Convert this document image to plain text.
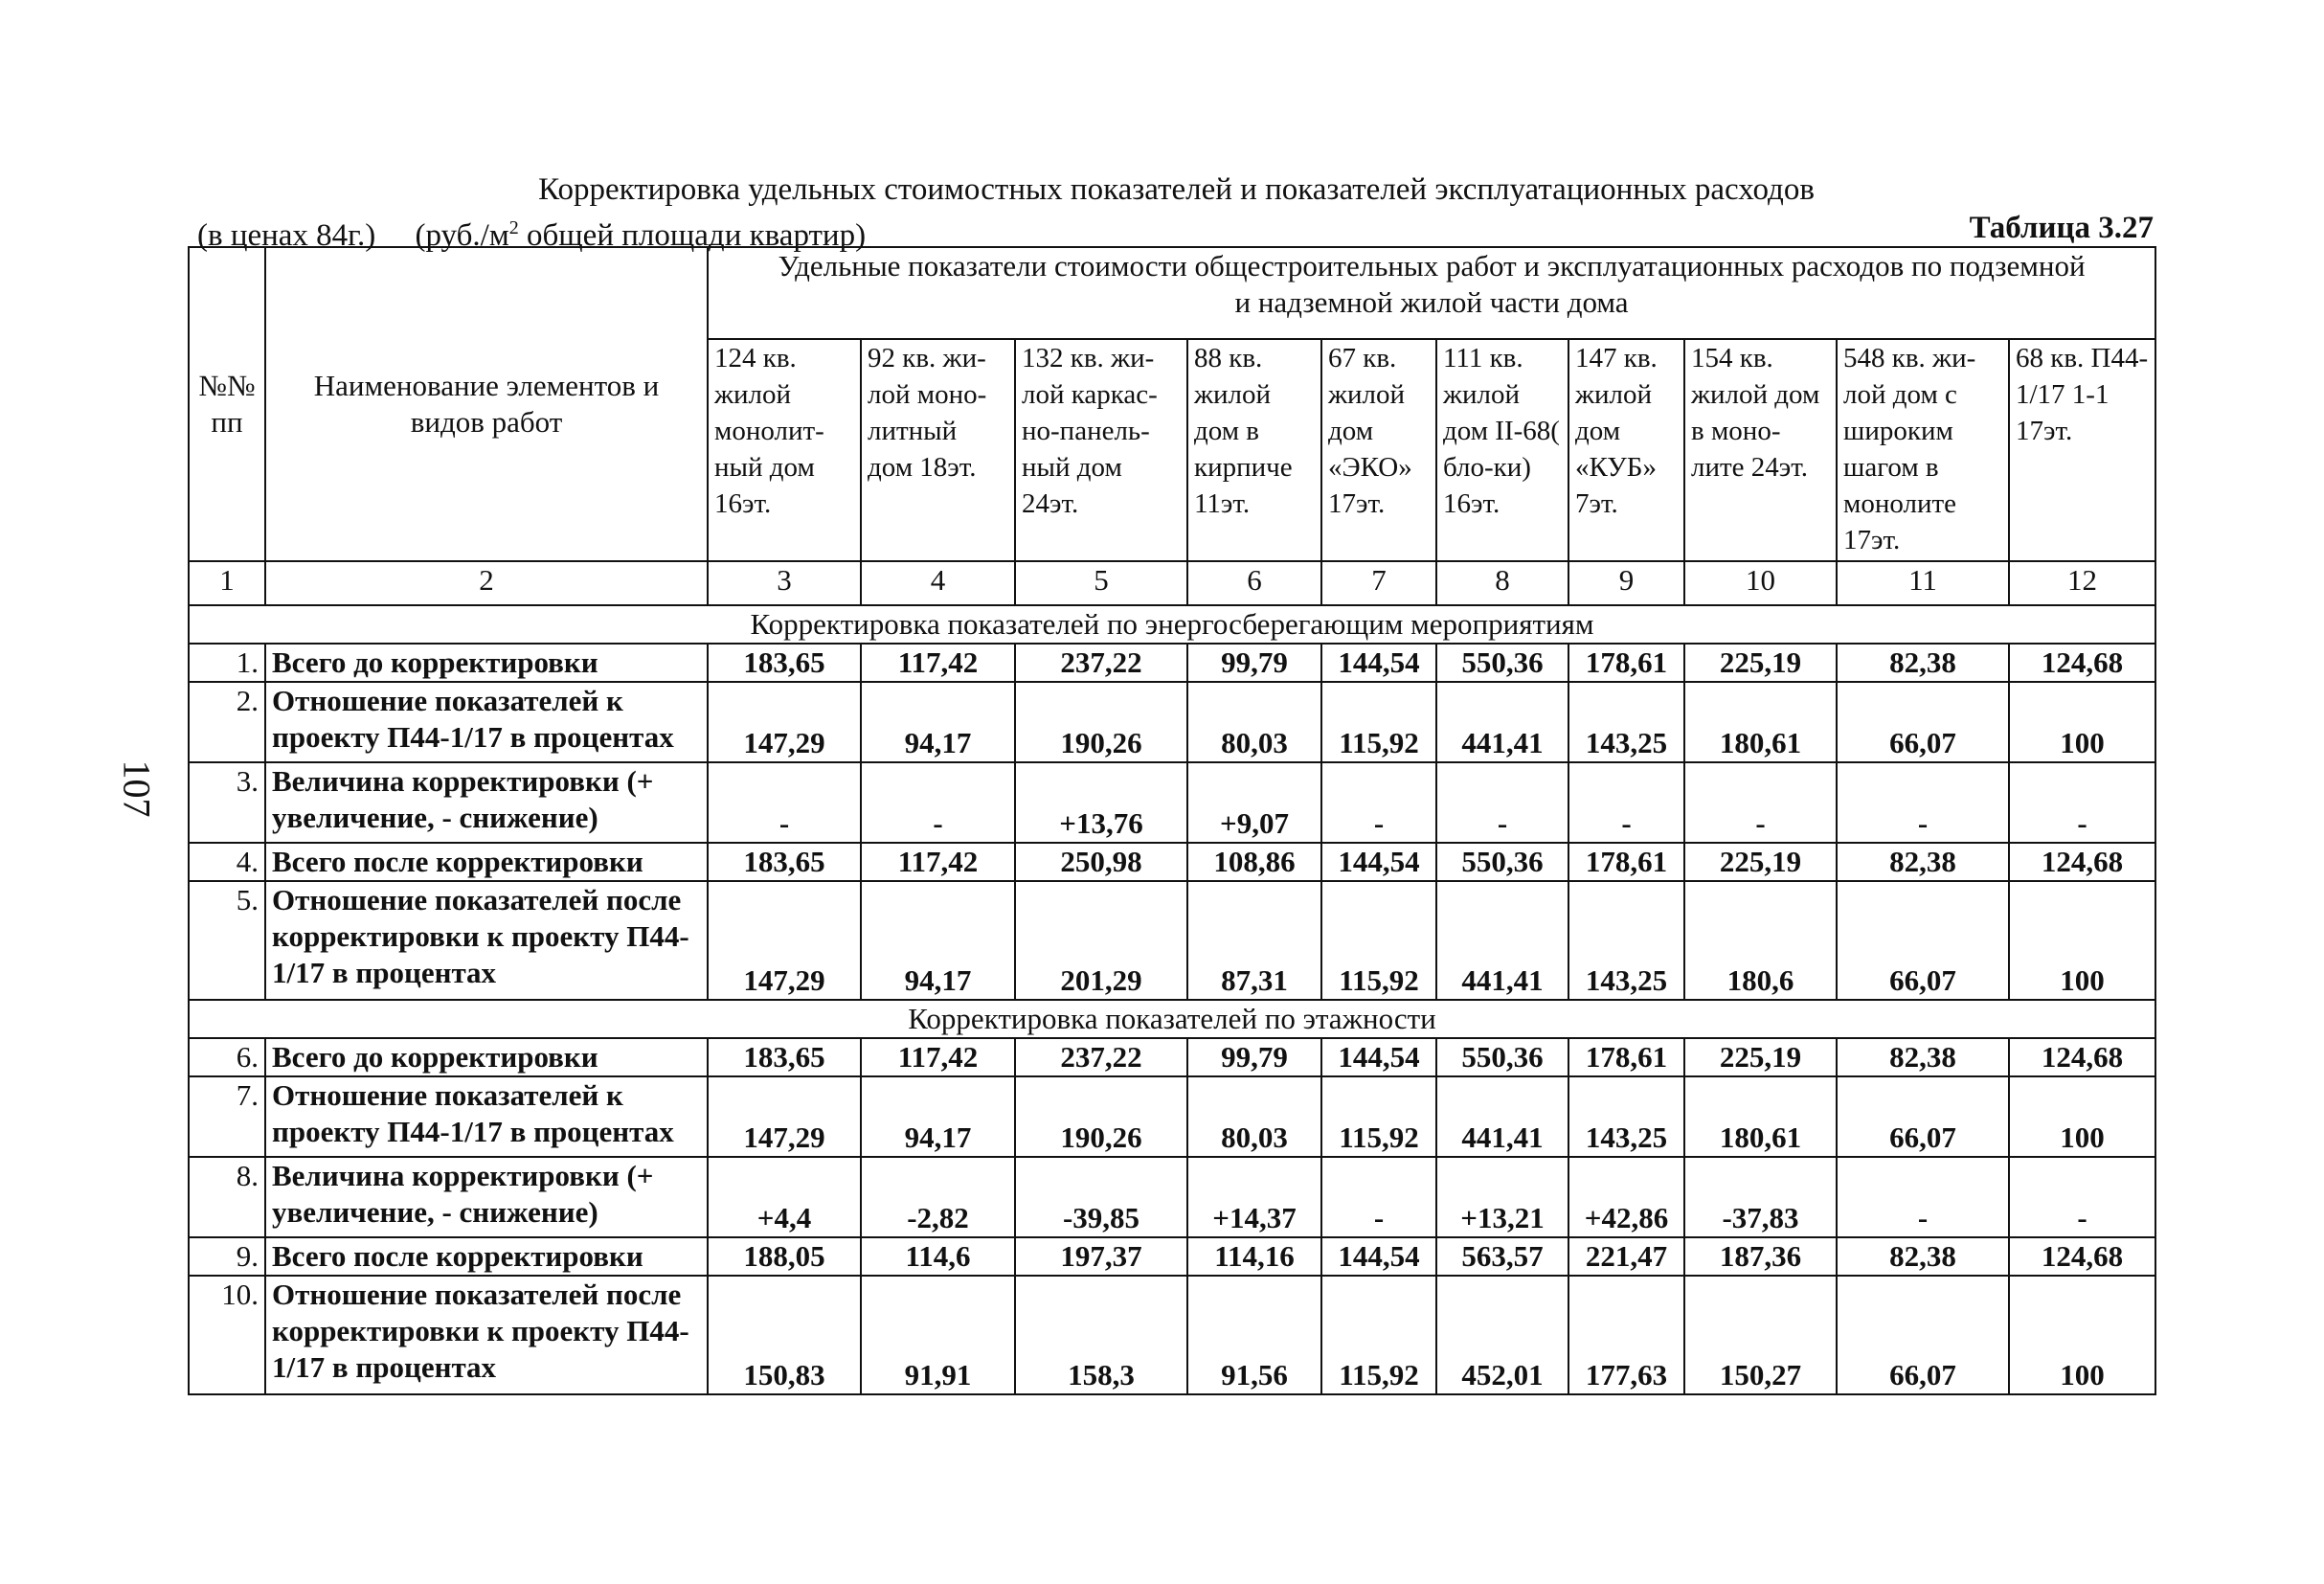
107
Корректировка удельных стоимостных показателей и показателей эксплуатационных расходов
(в ценах 84г.) ($руб./м^2$ общей площади квартир)	Таблица 3.27
№№ пп	Наименование элементов и видов работ	Удельные показатели стоимости общестроительных работ и эксплуатационных расходов по подземной и надземной жилой части дома									
		124 кв. жилой монолит-ный дом 16эт.	92 кв. жи-лой моно-литный дом 18эт.	132 кв. жи-лой каркас-но-панель-ный дом 24эт.	88 кв. жилой дом в кирпиче 11эт.	67 кв. жилой дом «ЭКО» 17эт.	111 кв. жилой дом II-68( бло-ки) 16эт.	147 кв. жилой дом «КУБ» 7эт.	154 кв. жилой дом в моно-лите 24эт.	548 кв. жи-лой дом с широким шагом в монолите 17эт.	68 кв. П44-1/17 1-1 17эт.
1	2	3	4	5	6	7	8	9	10	11	12
Корректировка показателей по энергосберегающим мероприятиям											
1.	Всего до корректировки	183,65	117,42	237,22	99,79	144,54	550,36	178,61	225,19	82,38	124,68
2.	Отношение показателей к проекту П44-1/17 в процентах	147,29	94,17	190,26	80,03	115,92	441,41	143,25	180,61	66,07	100
3.	Величина корректировки (+ увеличение, - снижение)	-	-	+13,76	+9,07	-	-	-	-	-	-
4.	Всего после корректировки	183,65	117,42	250,98	108,86	144,54	550,36	178,61	225,19	82,38	124,68
5.	Отношение показателей после корректировки к проекту П44-1/17 в процентах	147,29	94,17	201,29	87,31	115,92	441,41	143,25	180,6	66,07	100
Корректировка показателей по этажности											
6.	Всего до корректировки	183,65	117,42	237,22	99,79	144,54	550,36	178,61	225,19	82,38	124,68
7.	Отношение показателей к проекту П44-1/17 в процентах	147,29	94,17	190,26	80,03	115,92	441,41	143,25	180,61	66,07	100
8.	Величина корректировки (+ увеличение, - снижение)	+4,4	-2,82	-39,85	+14,37	-	+13,21	+42,86	-37,83	-	-
9.	Всего после корректировки	188,05	114,6	197,37	114,16	144,54	563,57	221,47	187,36	82,38	124,68
10.	Отношение показателей после корректировки к проекту П44-1/17 в процентах	150,83	91,91	158,3	91,56	115,92	452,01	177,63	150,27	66,07	100
